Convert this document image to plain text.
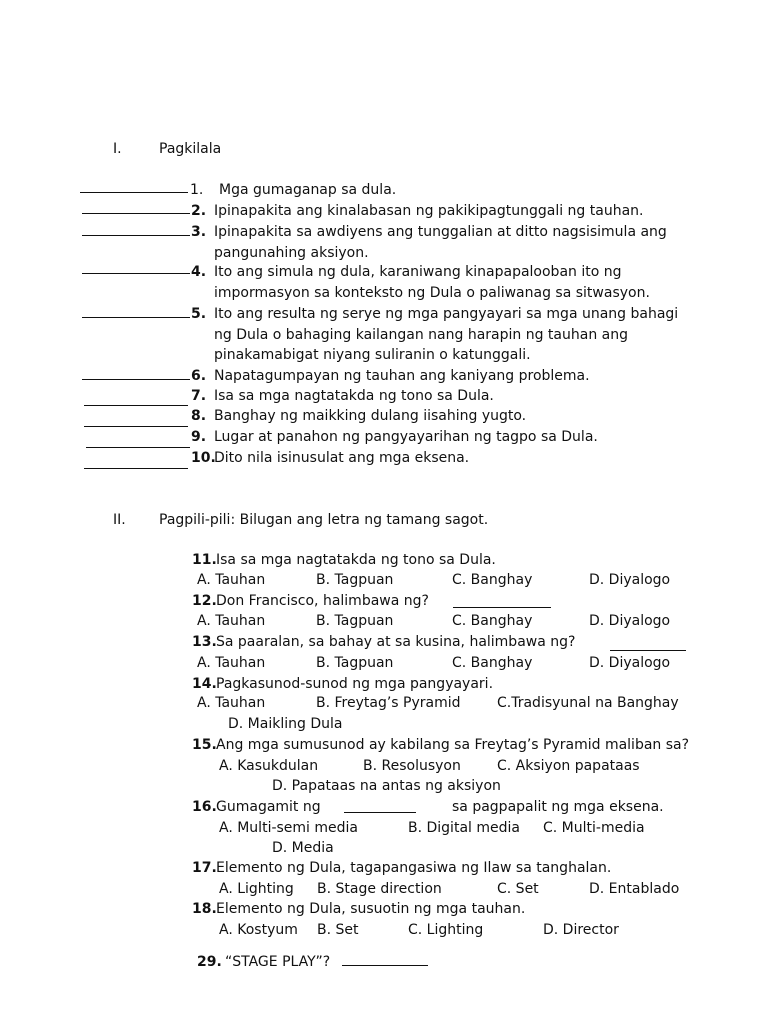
I.	Pagkilala
1. Mga gumaganap sa dula.
2. Ipinapakita ang kinalabasan ng pakikipagtunggali ng tauhan.
3. Ipinapakita sa awdiyens ang tunggalian at ditto nagsisimula ang
pangunahing aksiyon.
4. Ito ang simula ng dula, karaniwang kinapapalooban ito ng
impormasyon sa konteksto ng Dula o paliwanag sa sitwasyon.
5. Ito ang resulta ng serye ng mga pangyayari sa mga unang bahagi
ng Dula o bahaging kailangan nang harapin ng tauhan ang
pinakamabigat niyang suliranin o katunggali.
6. Napatagumpayan ng tauhan ang kaniyang problema.
7. Isa sa mga nagtatakda ng tono sa Dula.
8. Banghay ng maikking dulang iisahing yugto.
9. Lugar at panahon ng pangyayarihan ng tagpo sa Dula.
10.
Dito nila isinusulat ang mga eksena.
II. Pagpili-pili: Bilugan ang letra ng tamang sagot.
11. Isa sa mga nagtatakda ng tono sa Dula.
A. Tauhan	B. Tagpuan	C. Banghay	D. Diyalogo
12. Don Francisco, halimbawa ng?
A. Tauhan	B. Tagpuan	C. Banghay	D. Diyalogo
13. Sa paaralan, sa bahay at sa kusina, halimbawa ng?
A. Tauhan	B. Tagpuan	C. Banghay	D. Diyalogo
14. Pagkasunod-sunod ng mga pangyayari.
A. Tauhan	B. Freytag’s Pyramid	C.Tradisyunal na Banghay
D. Maikling Dula
15. Ang mga sumusunod ay kabilang sa Freytag’s Pyramid maliban sa?
A. Kasukdulan	B. Resolusyon	C. Aksiyon papataas
D. Papataas na antas ng aksiyon
16. Gumagamit ng	sa pagpapalit ng mga eksena.
A. Multi-semi media	B. Digital media C. Multi-media
D. Media
17. Elemento ng Dula, tagapangasiwa ng Ilaw sa tanghalan.
A. Lighting B. Stage direction	C. Set	D. Entablado
18. Elemento ng Dula, susuotin ng mga tauhan.
A. Kostyum B. Set	C. Lighting	D. Director
29. “STAGE PLAY”?
